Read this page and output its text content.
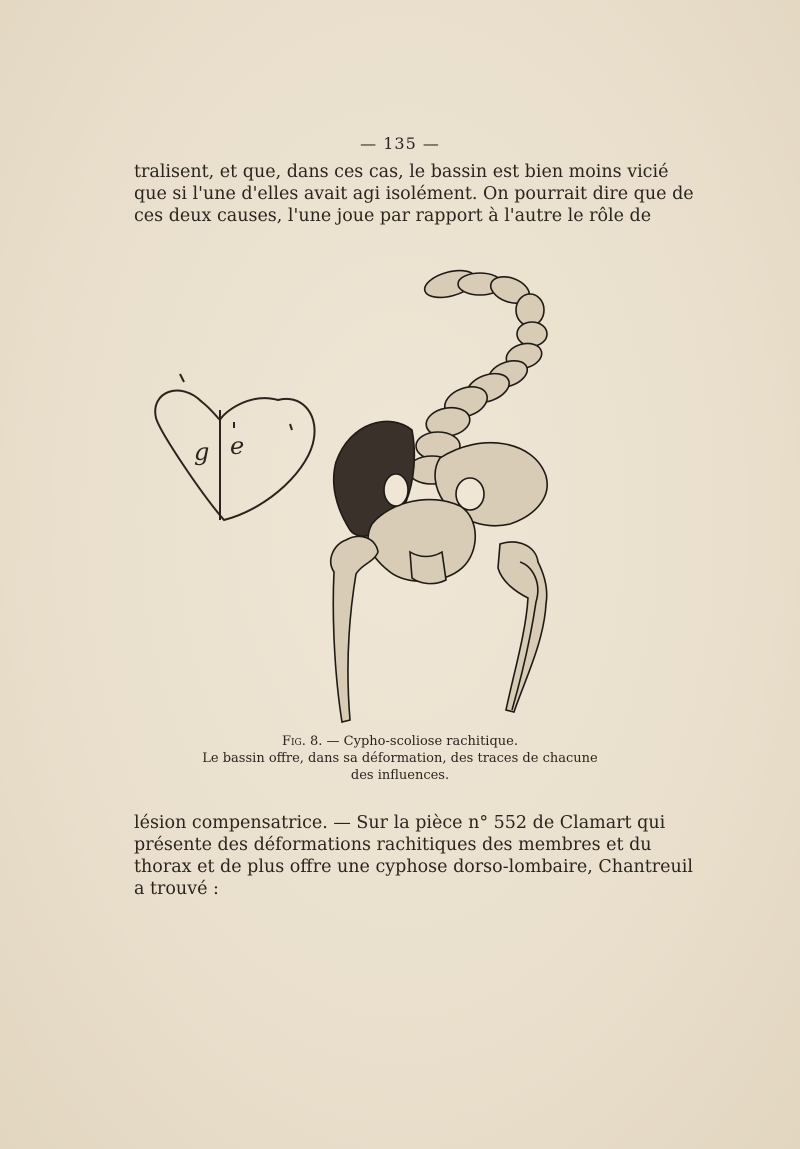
— 135 —

tralisent, et que, dans ces cas, le bassin est bien moins vicié
que si l'une d'elles avait agi isolément. On pourrait dire que de
ces deux causes, l'une joue par rapport à l'autre le rôle de

g e
Fig. 8. — Cypho-scoliose rachitique.
Le bassin offre, dans sa déformation, des traces de chacune
des influences.

lésion compensatrice. — Sur la pièce n° 552 de Clamart qui
présente des déformations rachitiques des membres et du
thorax et de plus offre une cyphose dorso-lombaire, Chantreuil
a trouvé :
